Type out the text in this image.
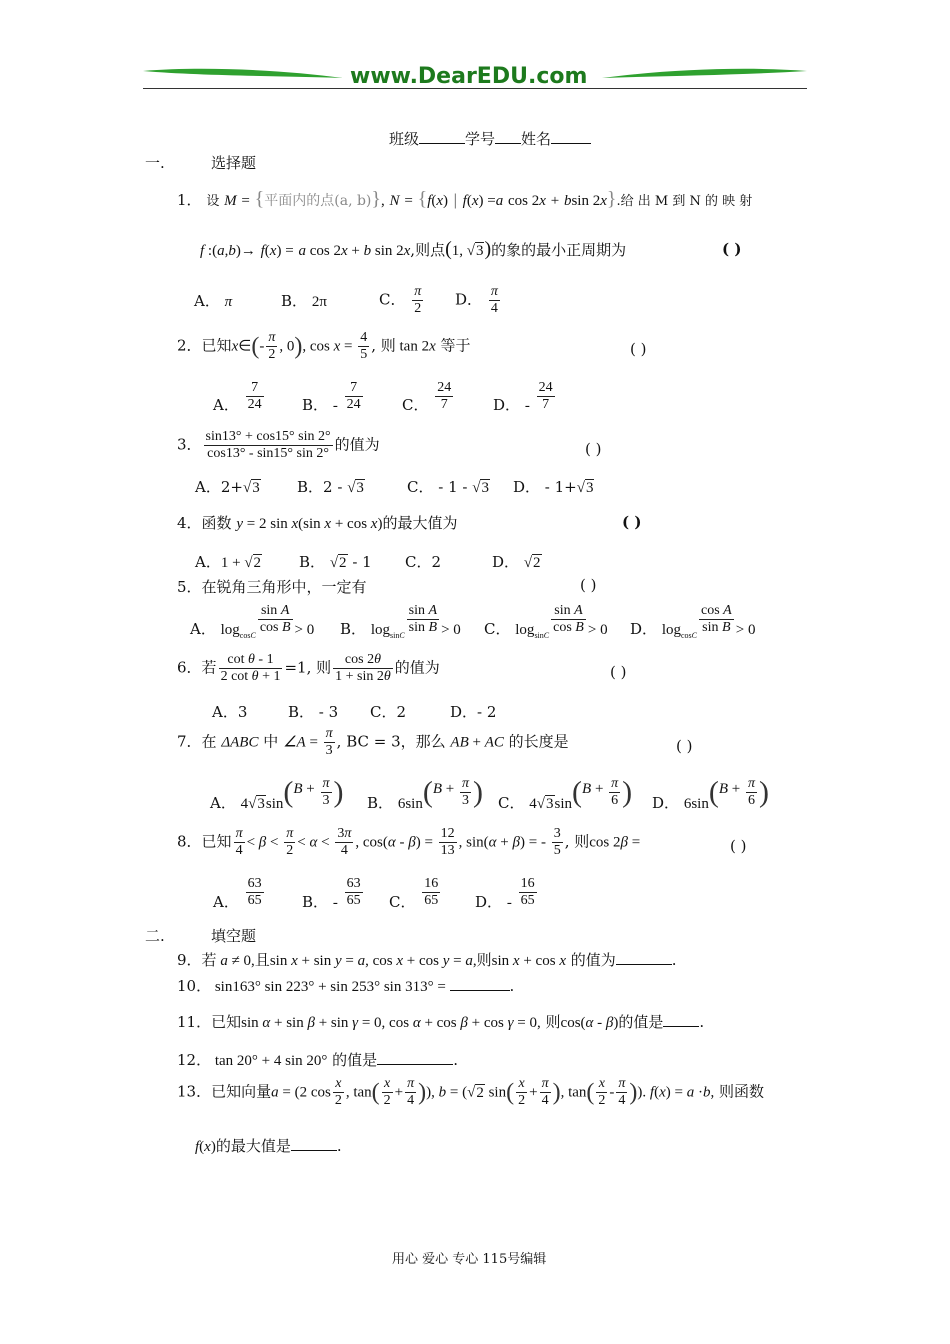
www.DearEDU.com
班级	学号 姓名
一.	选择题
1． 设 M = {平面内的点(a, b)}, N = {f(x) | f(x) =a cos 2x + bsin 2x}.给 出 M 到 N 的 映 射
f :(a,b)→ f(x) = a cos 2x + b sin 2x,则点(1, √3)的象的最小正周期为	( )
A． π	B． 2π	C． $\frac{\pi}{2}$ D． $\frac{\pi}{4}$
2．已知x∈(- $\frac{\pi}{2}$ , 0), $\cos x = \frac{4}{5}$ , 则 tan 2x 等于	( )
A． $\frac{7}{24}$	B． - $\frac{7}{24}$	C． $\frac{24}{7}$	D． - $\frac{24}{7}$
3． $\frac{\sin 13^\circ + \cos 15^\circ \sin 2^\circ}{\cos 13^\circ - \sin 15^\circ \sin 2^\circ}$ 的值为	( )
A．2+√3 B．2 - √3	C． - 1 - √3 D． - 1+√3
4．函数 y = 2 sin x(sin x + cos x)的最大值为	( )
A．1 + √2	B． √2 - 1 C．2	D． √2
5．在锐角三角形中，一定有	( )
A． $\log_{cosC} \frac{\text{sin A}}{\text{cos B}} > 0$ B． $\log_{sinC} \frac{\text{sin A}}{\text{sin B}} > 0$ C． $\log_{sinC} \frac{\text{sin A}}{\text{cos B}} > 0$ D． $\log_{cosC} \frac{\text{cos A}}{\text{sin B}} > 0$
6．若 $\frac{\text{cot θ - 1}}{\text{2 cot θ + 1}} =1$, 则 $\frac{\cos 2\theta}{1 + \sin 2\theta}$ 的值为	( )
A．3	B． - 3 C．2	D．- 2
7．在 ΔABC 中 ∠A = $\frac{\pi}{3}$ , BC = 3，那么 AB + AC 的长度是	( )
A． $4√3\sin(B + \frac{\pi}{3}$ ) B． $6\sin(B + \frac{\pi}{3}$ ) C． $4√3\sin(B + \frac{\pi}{6}$ ) D． $6\sin(B + \frac{\pi}{6}$ )
8．已知 $\frac{\pi}{4} < \beta < \frac{\pi}{2} < \alpha < \frac{3\pi}{4}$ , $\cos(\alpha - \beta) = \frac{12}{13}$ , sin(α + β) = - $\frac{3}{5}$ , 则cos 2β =	( )
A． $\frac{63}{65}$	B． - $\frac{63}{65}$ C． $\frac{16}{65}$ D． - $\frac{16}{65}$
二.	填空题
9．若 a ≠ 0,且sin x + sin y = a, cos x + cos y = a,则sin x + cos x 的值为	.
10． sin163° sin 223° + sin 253° sin 313° =	.
11．已知sin α + sin β + sin γ = 0, cos α + cos β + cos γ = 0, 则cos(α - β)的值是 .
12． tan 20° + 4 sin 20° 的值是	.
13．已知向量a = (2 $\cos \frac{x}{2}$ , $\tan( \frac{x}{2} + \frac{\pi}{4}$ )), b = (√2 $\sin( \frac{x}{2} + \frac{\pi}{4}$ ), $\tan( \frac{x}{2} - \frac{\pi}{4}$ )). f(x) = a ·b, 则函数
f(x)的最大值是	.
用心 爱心 专心 115号编辑
